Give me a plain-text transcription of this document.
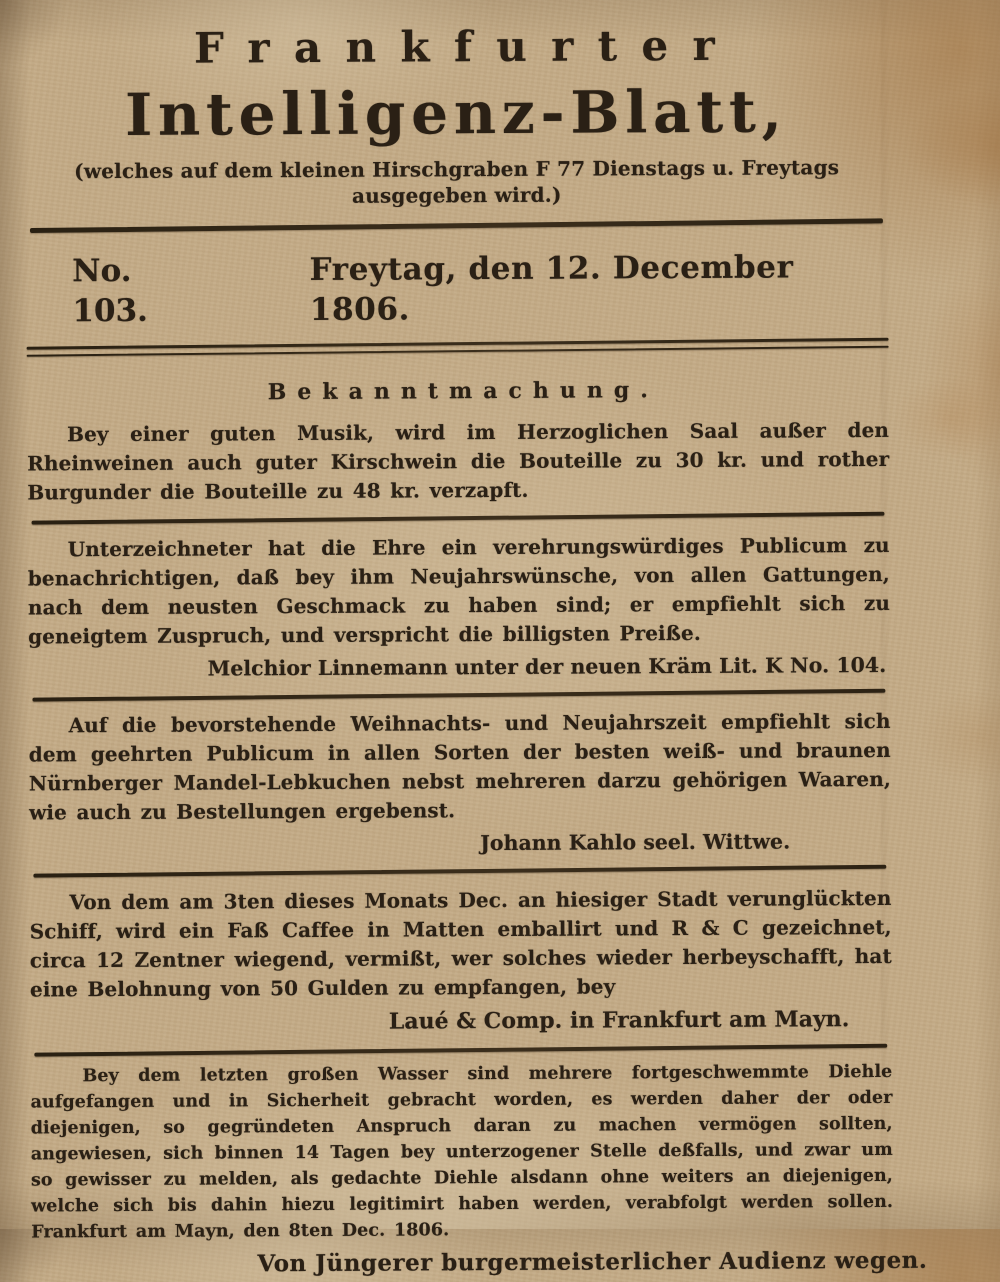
Frankfurter
Intelligenz-Blatt,
(welches auf dem kleinen Hirschgraben F 77 Dienstags u. Freytags ausgegeben wird.)
No. 103.
Freytag, den 12. December 1806.
Bekanntmachung.
Bey einer guten Musik, wird im Herzoglichen Saal außer den Rheinweinen auch guter Kirschwein die Bouteille zu 30 kr. und rother Burgunder die Bouteille zu 48 kr. verzapft.
Unterzeichneter hat die Ehre ein verehrungswürdiges Publicum zu benachrichtigen, daß bey ihm Neujahrswünsche, von allen Gattungen, nach dem neusten Geschmack zu haben sind; er empfiehlt sich zu geneigtem Zuspruch, und verspricht die billigsten Preiße.
Melchior Linnemann unter der neuen Kräm Lit. K No. 104.
Auf die bevorstehende Weihnachts- und Neujahrszeit empfiehlt sich dem geehrten Publicum in allen Sorten der besten weiß- und braunen Nürnberger Mandel-Lebkuchen nebst mehreren darzu gehörigen Waaren, wie auch zu Bestellungen ergebenst.
Johann Kahlo seel. Wittwe.
Von dem am 3ten dieses Monats Dec. an hiesiger Stadt verunglückten Schiff, wird ein Faß Caffee in Matten emballirt und R & C gezeichnet, circa 12 Zentner wiegend, vermißt, wer solches wieder herbeyschafft, hat eine Belohnung von 50 Gulden zu empfangen, bey
Laué & Comp. in Frankfurt am Mayn.
Bey dem letzten großen Wasser sind mehrere fortgeschwemmte Diehle aufgefangen und in Sicherheit gebracht worden, es werden daher der oder diejenigen, so gegründeten Anspruch daran zu machen vermögen sollten, angewiesen, sich binnen 14 Tagen bey unterzogener Stelle deßfalls, und zwar um so gewisser zu melden, als gedachte Diehle alsdann ohne weiters an diejenigen, welche sich bis dahin hiezu legitimirt haben werden, verabfolgt werden sollen. Frankfurt am Mayn, den 8ten Dec. 1806.
Von Jüngerer burgermeisterlicher Audienz wegen.
